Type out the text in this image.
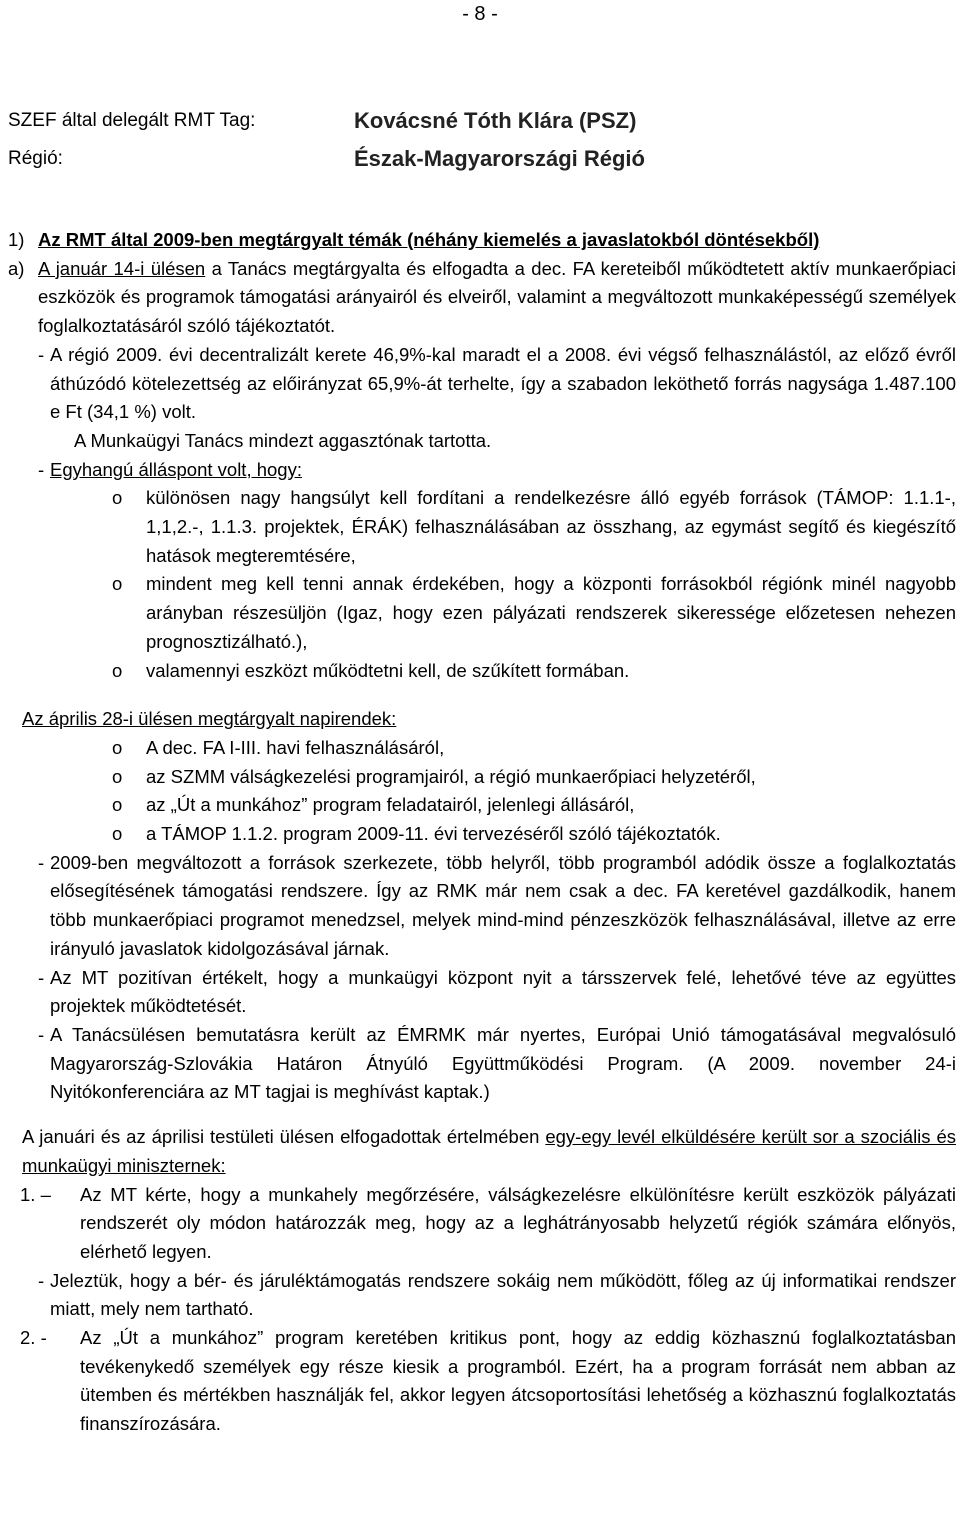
- 8 -
SZEF által delegált RMT Tag:	Kovácsné Tóth Klára (PSZ)
Régió:	Észak-Magyarországi Régió
1) Az RMT által 2009-ben megtárgyalt témák (néhány kiemelés a javaslatokból döntésekből)
a) A január 14-i ülésen a Tanács megtárgyalta és elfogadta a dec. FA kereteiből működtetett aktív munkaerőpiaci eszközök és programok támogatási arányairól és elveiről, valamint a megváltozott munkaképességű személyek foglalkoztatásáról szóló tájékoztatót.

- A régió 2009. évi decentralizált kerete 46,9%-kal maradt el a 2008. évi végső felhasználástól, az előző évről áthúzódó kötelezettség az előirányzat 65,9%-át terhelte, így a szabadon leköthető forrás nagysága 1.487.100 e Ft (34,1 %) volt.

A Munkaügyi Tanács mindezt aggasztónak tartotta.

- Egyhangú álláspont volt, hogy:

o	különösen nagy hangsúlyt kell fordítani a rendelkezésre álló egyéb források (TÁMOP: 1.1.1-, 1,1,2.-, 1.1.3. projektek, ÉRÁK) felhasználásában az összhang, az egymást segítő és kiegészítő hatások megteremtésére,

o	mindent meg kell tenni annak érdekében, hogy a központi forrásokból régiónk minél nagyobb arányban részesüljön (Igaz, hogy ezen pályázati rendszerek sikeressége előzetesen nehezen prognosztizálható.),

o	valamennyi eszközt működtetni kell, de szűkített formában.

Az április 28-i ülésen megtárgyalt napirendek:

o	A dec. FA I-III. havi felhasználásáról,

o	az SZMM válságkezelési programjairól, a régió munkaerőpiaci helyzetéről,

o	az „Út a munkához” program feladatairól, jelenlegi állásáról,

o	a TÁMOP 1.1.2. program 2009-11. évi tervezéséről szóló tájékoztatók.

- 2009-ben megváltozott a források szerkezete, több helyről, több programból adódik össze a foglalkoztatás elősegítésének támogatási rendszere. Így az RMK már nem csak a dec. FA keretével gazdálkodik, hanem több munkaerőpiaci programot menedzsel, melyek mind-mind pénzeszközök felhasználásával, illetve az erre irányuló javaslatok kidolgozásával járnak.

- Az MT pozitívan értékelt, hogy a munkaügyi központ nyit a társszervek felé, lehetővé téve az együttes projektek működtetését.

- A Tanácsülésen bemutatásra került az ÉMRMK már nyertes, Európai Unió támogatásával megvalósuló Magyarország-Szlovákia Határon Átnyúló Együttműködési Program. (A 2009. november 24-i Nyitókonferenciára az MT tagjai is meghívást kaptak.)

A januári és az áprilisi testületi ülésen elfogadottak értelmében egy-egy levél elküldésére került sor a szociális és munkaügyi miniszternek:

1. –	Az MT kérte, hogy a munkahely megőrzésére, válságkezelésre elkülönítésre került eszközök pályázati rendszerét oly módon határozzák meg, hogy az a leghátrányosabb helyzetű régiók számára előnyös, elérhető legyen.

- Jeleztük, hogy a bér- és járuléktámogatás rendszere sokáig nem működött, főleg az új informatikai rendszer miatt, mely nem tartható.

2. -	Az „Út a munkához” program keretében kritikus pont, hogy az eddig közhasznú foglalkoztatásban tevékenykedő személyek egy része kiesik a programból. Ezért, ha a program forrását nem abban az ütemben és mértékben használják fel, akkor legyen átcsoportosítási lehetőség a közhasznú foglalkoztatás finanszírozására.
